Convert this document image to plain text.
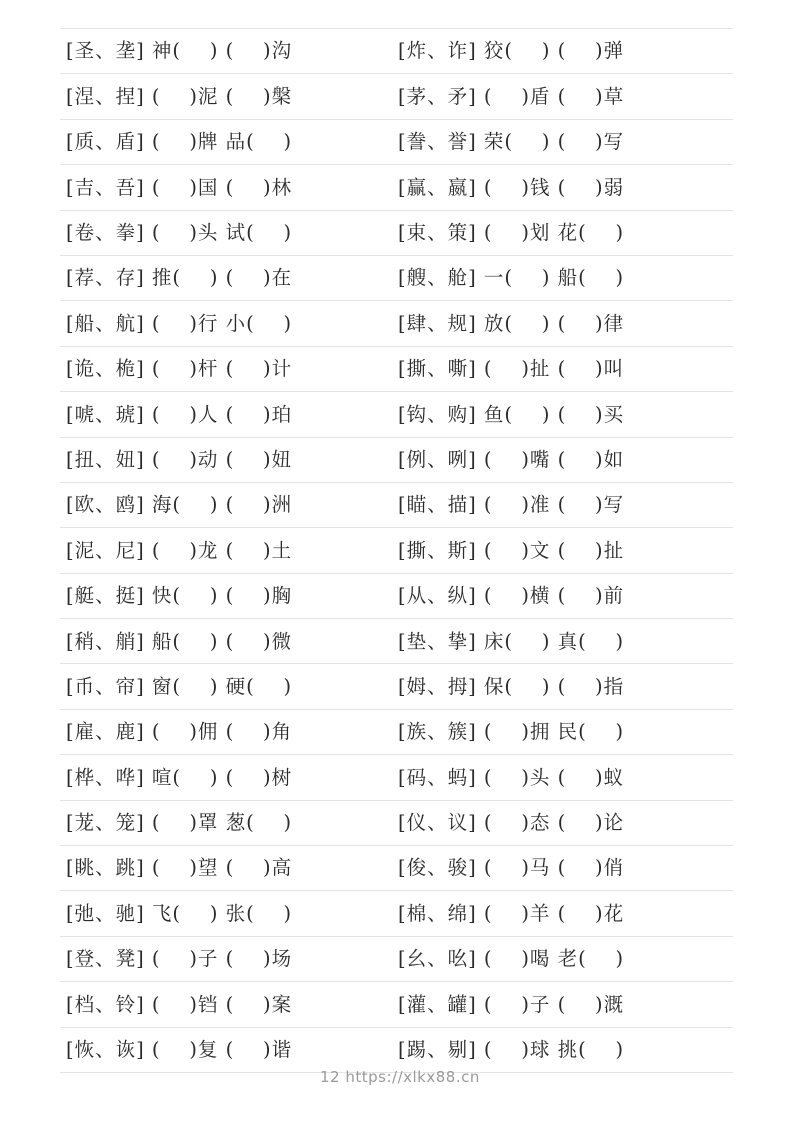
[圣、垄] 神(    ) (    )沟	[炸、诈] 狡(    ) (    )弹
[涅、捏] (    )泥 (    )槃	[茅、矛] (    )盾 (    )草
[质、盾] (    )牌 品(    )	[誊、誉] 荣(    ) (    )写
[吉、吾] (    )国 (    )林	[赢、嬴] (    )钱 (    )弱
[卷、拳] (    )头 试(    )	[束、策] (    )划 花(    )
[荐、存] 推(    ) (    )在	[艘、舱] 一(    ) 船(    )
[船、航] (    )行 小(    )	[肆、规] 放(    ) (    )律
[诡、桅] (    )杆 (    )计	[撕、嘶] (    )扯 (    )叫
[唬、琥] (    )人 (    )珀	[钩、购] 鱼(    ) (    )买
[扭、妞] (    )动 (    )妞	[例、咧] (    )嘴 (    )如
[欧、鸥] 海(    ) (    )洲	[瞄、描] (    )准 (    )写
[泥、尼] (    )龙 (    )土	[撕、斯] (    )文 (    )扯
[艇、挺] 快(    ) (    )胸	[从、纵] (    )横 (    )前
[稍、艄] 船(    ) (    )微	[垫、挚] 床(    ) 真(    )
[币、帘] 窗(    ) 硬(    )	[姆、拇] 保(    ) (    )指
[雇、鹿] (    )佣 (    )角	[族、簇] (    )拥 民(    )
[桦、哗] 喧(    ) (    )树	[码、蚂] (    )头 (    )蚁
[茏、笼] (    )罩 葱(    )	[仪、议] (    )态 (    )论
[眺、跳] (    )望 (    )高	[俊、骏] (    )马 (    )俏
[弛、驰] 飞(    ) 张(    )	[棉、绵] (    )羊 (    )花
[登、凳] (    )子 (    )场	[幺、吆] (    )喝 老(    )
[档、铃] (    )铛 (    )案	[灌、罐] (    )子 (    )溉
[恢、诙] (    )复 (    )谐	[踢、剔] (    )球 挑(    )
12 https://xlkx88.cn
